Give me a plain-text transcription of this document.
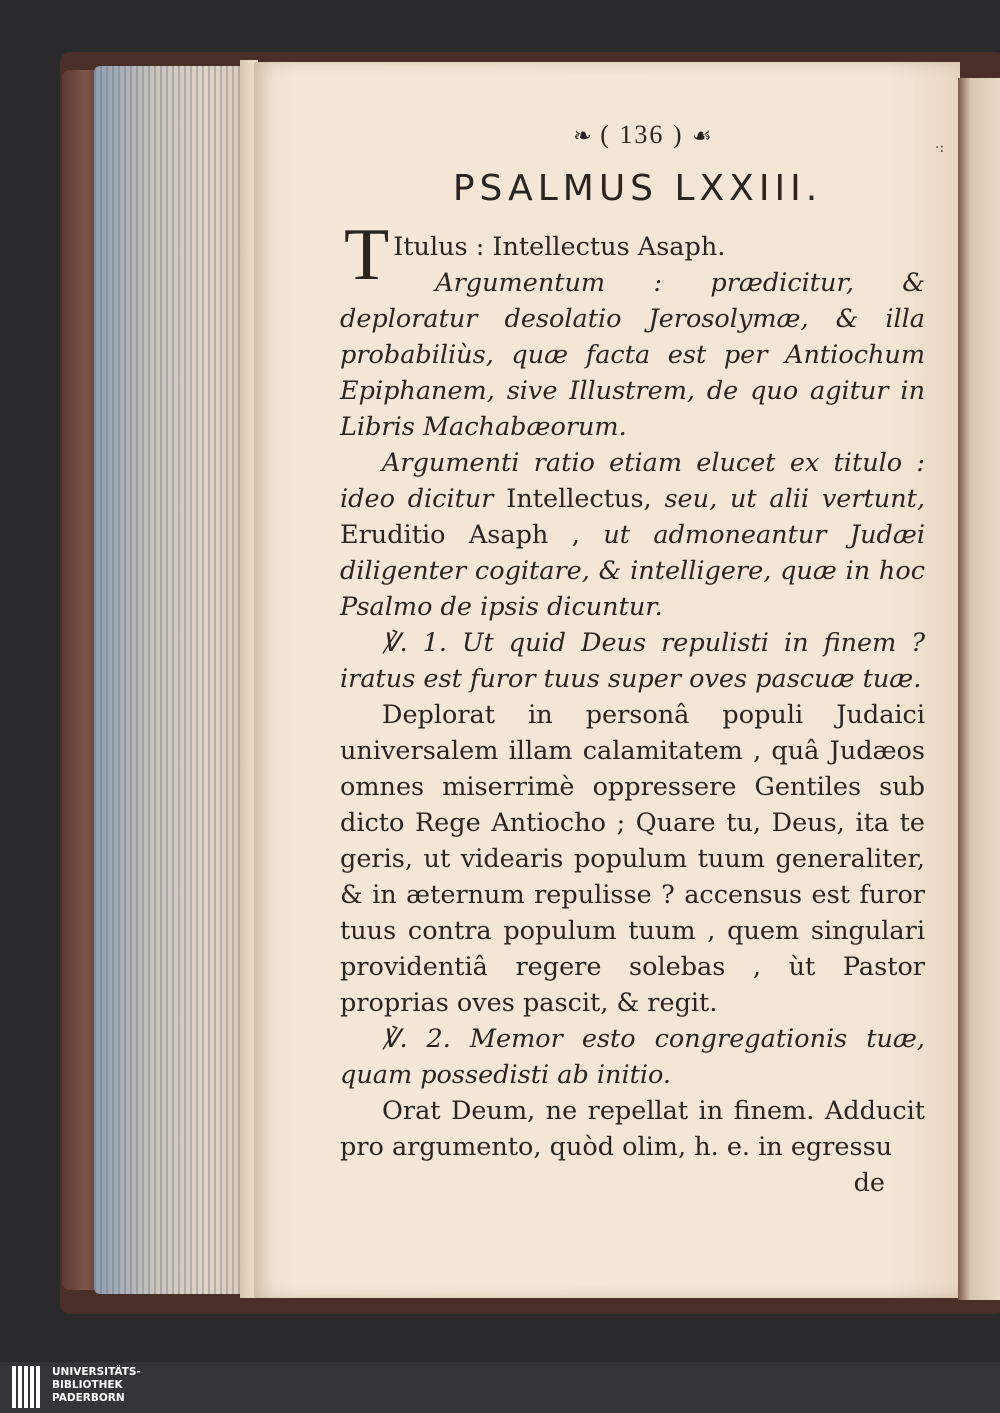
·:
❧ ( 136 ) ☙
PSALMUS LXXIII.

T Itulus : Intellectus Asaph.

Argumentum : prædicitur, & deploratur desolatio Jerosolymæ, & illa probabiliùs, quæ facta est per Antiochum Epiphanem, sive Illustrem, de quo agitur in Libris Machabæorum.

Argumenti ratio etiam elucet ex titulo : ideo dicitur Intellectus, seu, ut alii vertunt, Eruditio Asaph , ut admoneantur Judæi diligenter cogitare, & intelligere, quæ in hoc Psalmo de ipsis dicuntur.

℣. 1. Ut quid Deus repulisti in finem ? iratus est furor tuus super oves pascuæ tuæ.

Deplorat in personâ populi Judaici universalem illam calamitatem , quâ Judæos omnes miserrimè oppressere Gentiles sub dicto Rege Antiocho ; Quare tu, Deus, ita te geris, ut videaris populum tuum generaliter, & in æternum repulisse ? accensus est furor tuus contra populum tuum , quem singulari providentiâ regere solebas , ùt Pastor proprias oves pascit, & regit.

℣. 2. Memor esto congregationis tuæ, quam possedisti ab initio.

Orat Deum, ne repellat in finem. Adducit pro argumento, quòd olim, h. e. in egressu

de
UNIVERSITÄTS-
BIBLIOTHEK
PADERBORN
